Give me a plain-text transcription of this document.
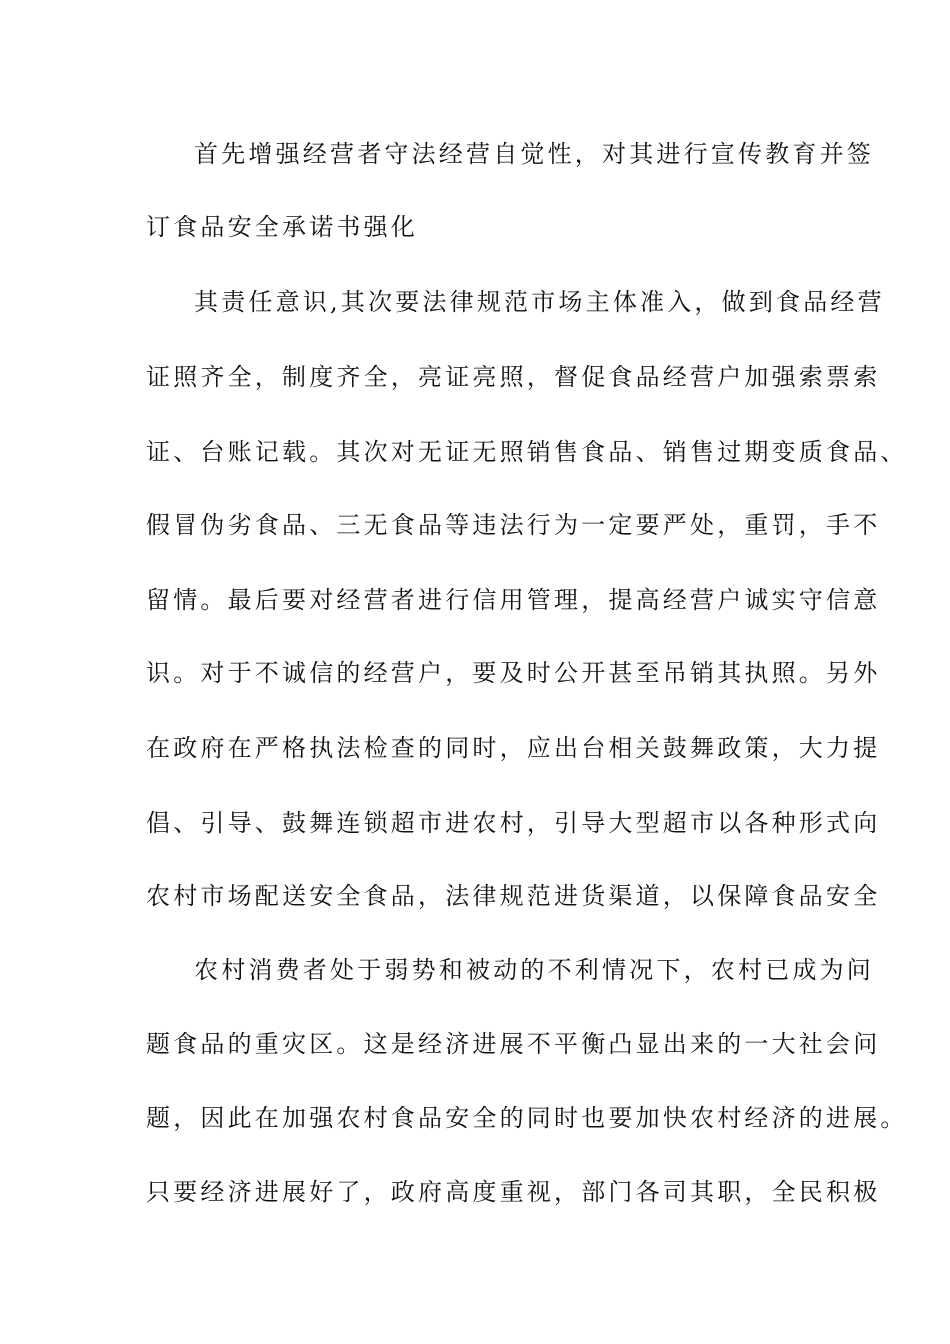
首先增强经营者守法经营自觉性，对其进行宣传教育并签
订食品安全承诺书强化
其责任意识,其次要法律规范市场主体准入，做到食品经营
证照齐全，制度齐全，亮证亮照，督促食品经营户加强索票索
证、台账记载。其次对无证无照销售食品、销售过期变质食品、
假冒伪劣食品、三无食品等违法行为一定要严处，重罚，手不
留情。最后要对经营者进行信用管理，提高经营户诚实守信意
识。对于不诚信的经营户，要及时公开甚至吊销其执照。另外
在政府在严格执法检查的同时，应出台相关鼓舞政策，大力提
倡、引导、鼓舞连锁超市进农村，引导大型超市以各种形式向
农村市场配送安全食品，法律规范进货渠道，以保障食品安全
农村消费者处于弱势和被动的不利情况下，农村已成为问
题食品的重灾区。这是经济进展不平衡凸显出来的一大社会问
题，因此在加强农村食品安全的同时也要加快农村经济的进展。
只要经济进展好了，政府高度重视，部门各司其职，全民积极
